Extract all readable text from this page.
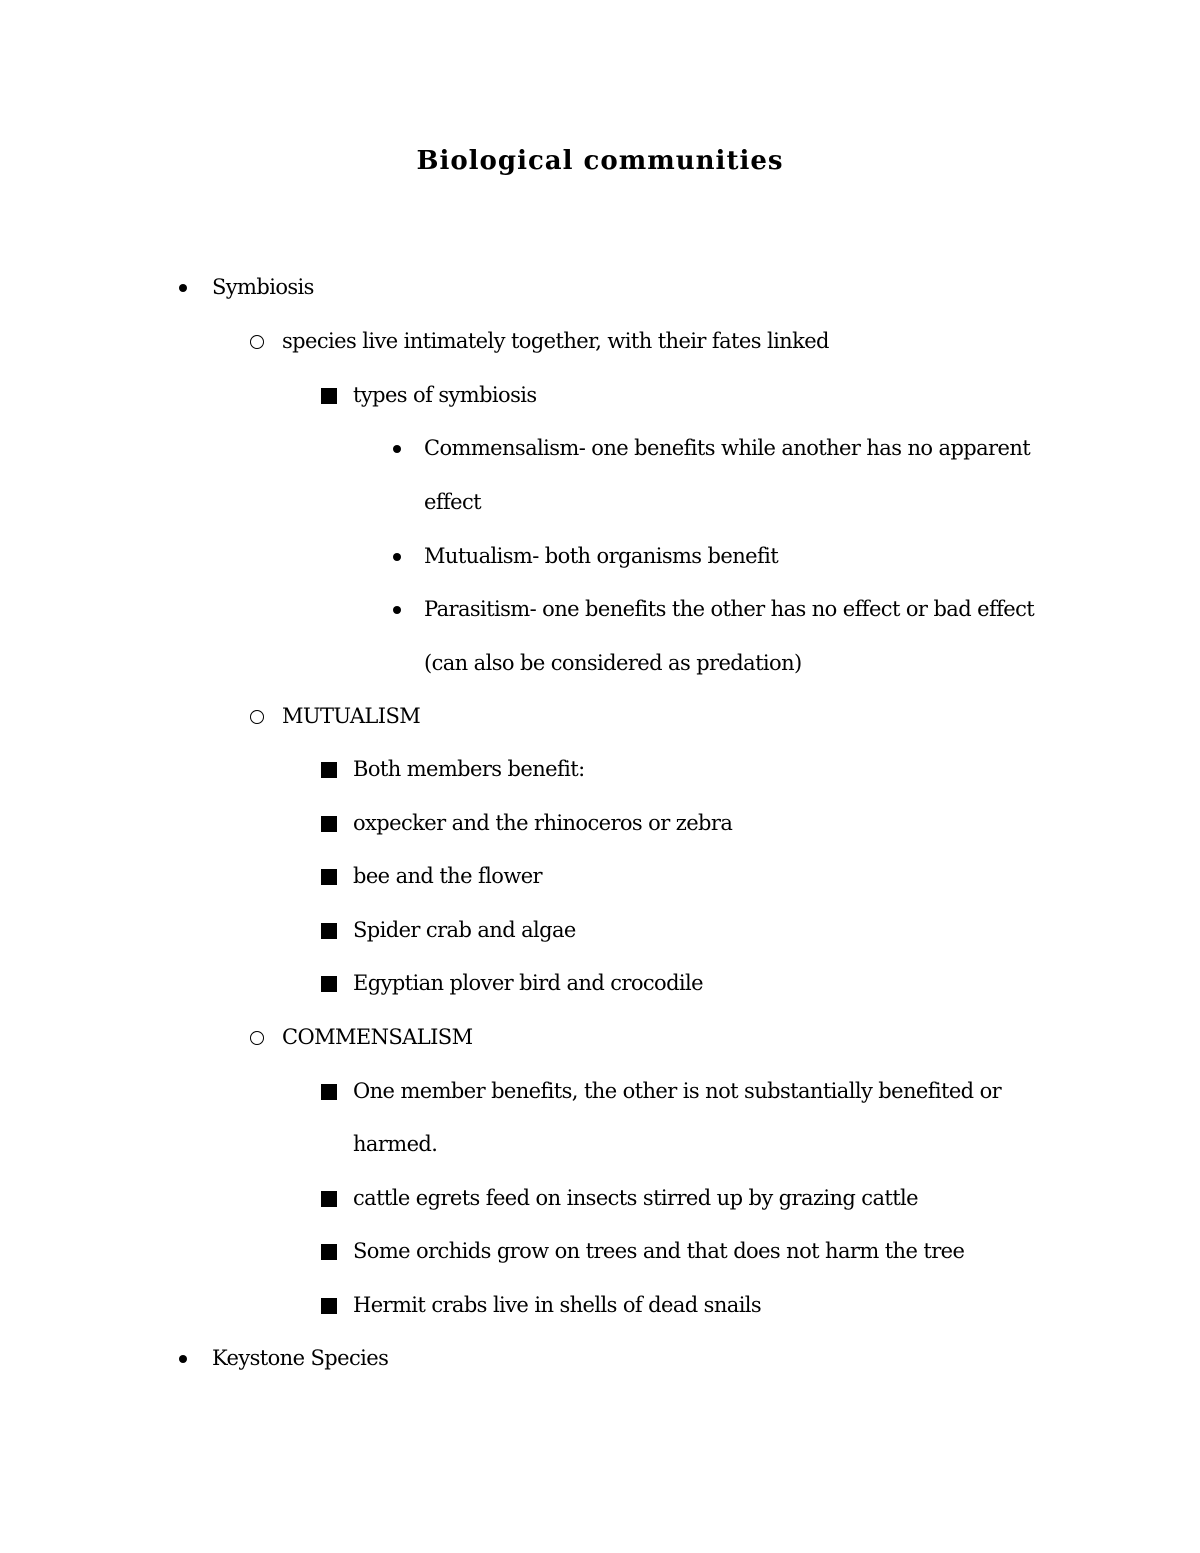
Biological communities
Symbiosis
species live intimately together, with their fates linked
types of symbiosis
Commensalism- one benefits while another has no apparent
effect
Mutualism- both organisms benefit
Parasitism- one benefits the other has no effect or bad effect
(can also be considered as predation)
MUTUALISM
Both members benefit:
oxpecker and the rhinoceros or zebra
bee and the flower
Spider crab and algae
Egyptian plover bird and crocodile
COMMENSALISM
One member benefits, the other is not substantially benefited or
harmed.
cattle egrets feed on insects stirred up by grazing cattle
Some orchids grow on trees and that does not harm the tree
Hermit crabs live in shells of dead snails
Keystone Species
